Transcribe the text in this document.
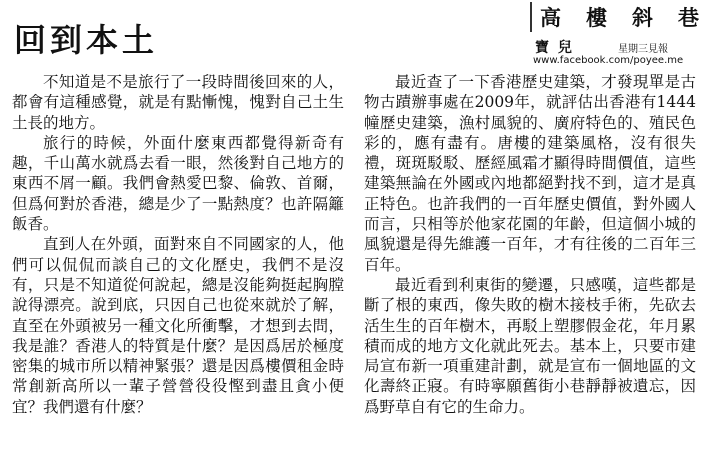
回到本土
高 樓 斜 巷
寶 兒	星期三見報
www.facebook.com/poyee.me

不知道是不是旅行了一段時間後回來的人，都會有這種感覺，就是有點慚愧，愧對自己土生土長的地方。

旅行的時候，外面什麼東西都覺得新奇有趣，千山萬水就爲去看一眼，然後對自己地方的東西不屑一顧。我們會熱愛巴黎、倫敦、首爾，但爲何對於香港，總是少了一點熱度？也許隔籬飯香。

直到人在外頭，面對來自不同國家的人，他們可以侃侃而談自己的文化歷史，我們不是沒有，只是不知道從何說起，總是沒能夠挺起胸膛說得漂亮。說到底，只因自己也從來就於了解，直至在外頭被另一種文化所衝擊，才想到去問，我是誰？香港人的特質是什麼？是因爲居於極度密集的城市所以精神緊張？還是因爲樓價租金時常創新高所以一輩子營營役役慳到盡且貪小便宜？我們還有什麼？

最近查了一下香港歷史建築，才發現單是古物古蹟辦事處在2009年，就評估出香港有1444幢歷史建築，漁村風貌的、廣府特色的、殖民色彩的，應有盡有。唐樓的建築風格，沒有很失禮，斑斑駁駁、歷經風霜才顯得時間價值，這些建築無論在外國或內地都絕對找不到，這才是真正特色。也許我們的一百年歷史價值，對外國人而言，只相等於他家花園的年齡，但這個小城的風貌還是得先維護一百年，才有往後的二百年三百年。

最近看到利東街的變遷，只感嘆，這些都是斷了根的東西，像失敗的樹木接枝手術，先砍去活生生的百年樹木，再駁上塑膠假金花，年月累積而成的地方文化就此死去。基本上，只要市建局宣布新一項重建計劃，就是宣布一個地區的文化壽終正寢。有時寧願舊街小巷靜靜被遺忘，因爲野草自有它的生命力。
